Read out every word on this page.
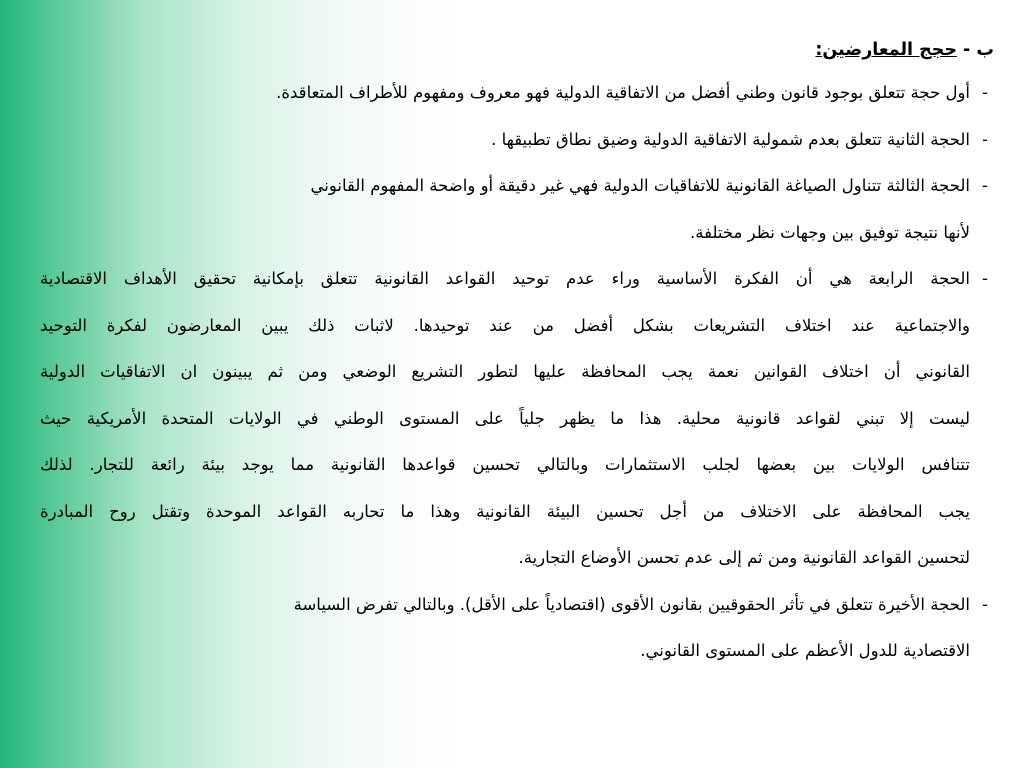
ب - حجج المعارضين:
-
أول حجة تتعلق بوجود قانون وطني أفضل من الاتفاقية الدولية فهو معروف ومفهوم للأطراف المتعاقدة.
-
الحجة الثانية تتعلق بعدم شمولية الاتفاقية الدولية وضيق نطاق تطبيقها .
-
الحجة الثالثة تتناول الصياغة القانونية للاتفاقيات الدولية فهي غير دقيقة أو واضحة المفهوم القانوني
لأنها نتيجة توفيق بين وجهات نظر مختلفة.
-
الحجة الرابعة هي أن الفكرة الأساسية وراء عدم توحيد القواعد القانونية تتعلق بإمكانية تحقيق الأهداف الاقتصادية
والاجتماعية عند اختلاف التشريعات بشكل أفضل من عند توحيدها. لاثبات ذلك يبين المعارضون لفكرة التوحيد
القانوني أن اختلاف القوانين نعمة يجب المحافظة عليها لتطور التشريع الوضعي ومن ثم يبينون ان الاتفاقيات الدولية
ليست إلا تبني لقواعد قانونية محلية. هذا ما يظهر جلياً على المستوى الوطني في الولايات المتحدة الأمريكية حيث
تتنافس الولايات بين بعضها لجلب الاستثمارات وبالتالي تحسين قواعدها القانونية مما يوجد بيئة رائعة للتجار. لذلك
يجب المحافظة على الاختلاف من أجل تحسين البيئة القانونية وهذا ما تحاربه القواعد الموحدة وتقتل روح المبادرة
لتحسين القواعد القانونية ومن ثم إلى عدم تحسن الأوضاع التجارية.
-
الحجة الأخيرة تتعلق في تأثر الحقوقيين بقانون الأقوى (اقتصادياً على الأقل). وبالتالي تفرض السياسة
الاقتصادية للدول الأعظم على المستوى القانوني.
